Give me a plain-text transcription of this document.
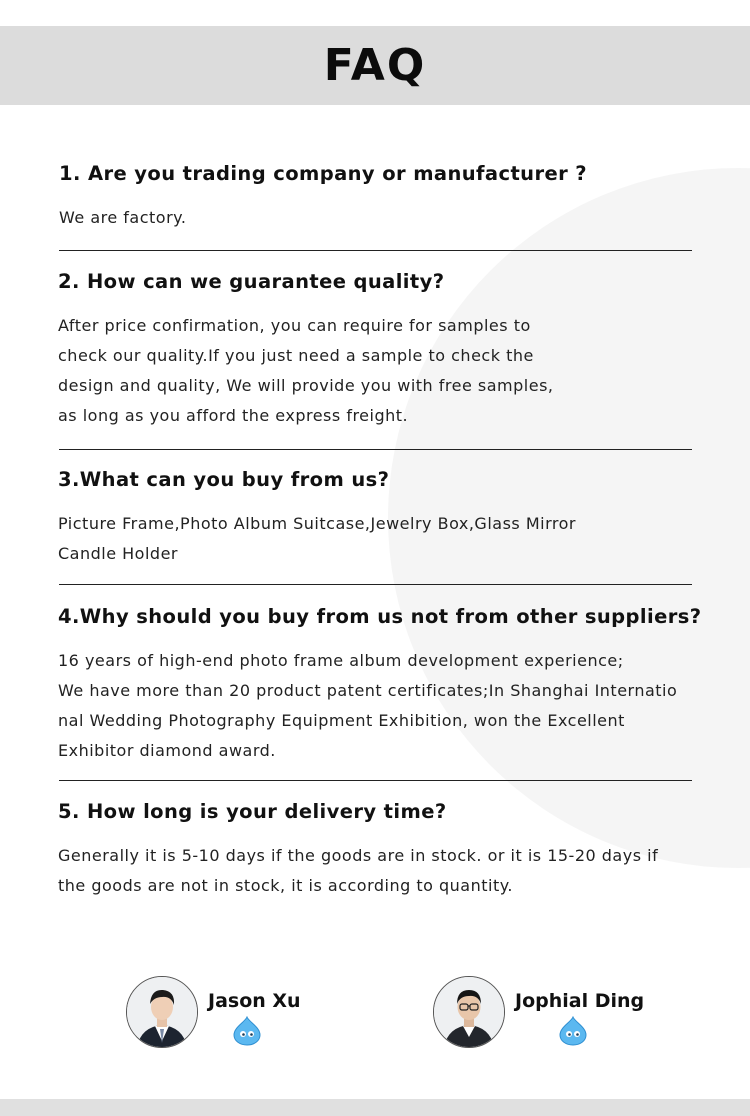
FAQ
1. Are you trading company or manufacturer ?
We are factory.
2. How can we guarantee quality?
After price confirmation, you can require for samples to
check our quality.If you just need a sample to check the
design and quality, We will provide you with free samples,
as long as you afford the express freight.
3.What can you buy from us?
Picture Frame,Photo Album Suitcase,Jewelry Box,Glass Mirror
Candle Holder
4.Why should you buy from us not from other suppliers?
16 years of high-end photo frame album development experience;
We have more than 20 product patent certificates;In Shanghai Internatio
nal Wedding Photography Equipment Exhibition, won the Excellent
Exhibitor diamond award.
5. How long is your delivery time?
Generally it is 5-10 days if the goods are in stock. or it is 15-20 days if
the goods are not in stock, it is according to quantity.
Jason Xu	Jophial Ding
